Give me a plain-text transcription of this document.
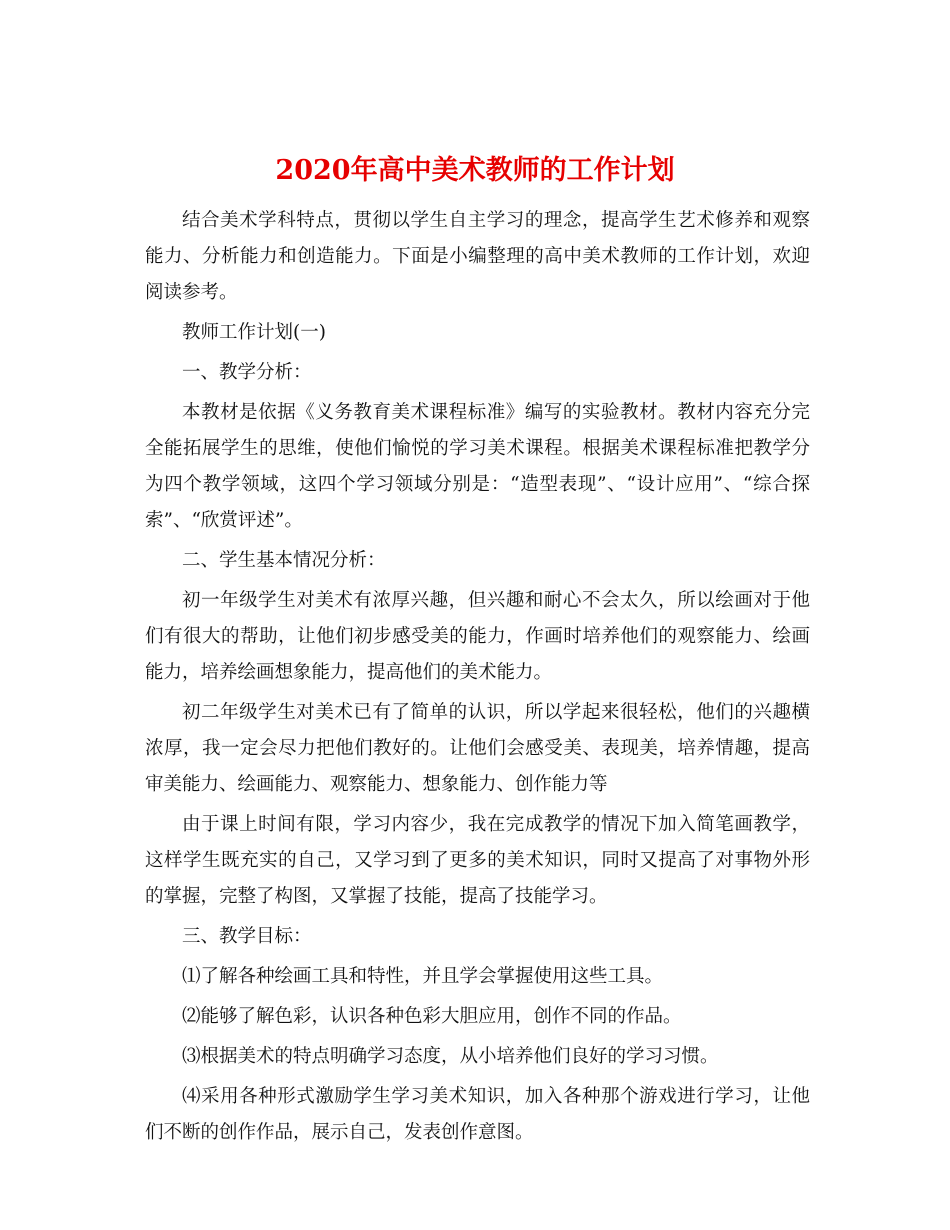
2020年高中美术教师的工作计划

结合美术学科特点，贯彻以学生自主学习的理念，提高学生艺术修养和观察能力、分析能力和创造能力。下面是小编整理的高中美术教师的工作计划，欢迎阅读参考。

教师工作计划(一)

一、教学分析：

本教材是依据《义务教育美术课程标准》编写的实验教材。教材内容充分完全能拓展学生的思维，使他们愉悦的学习美术课程。根据美术课程标准把教学分为四个教学领域，这四个学习领域分别是：“造型表现”、“设计应用”、“综合探索”、“欣赏评述”。

二、学生基本情况分析：

初一年级学生对美术有浓厚兴趣，但兴趣和耐心不会太久，所以绘画对于他们有很大的帮助，让他们初步感受美的能力，作画时培养他们的观察能力、绘画能力，培养绘画想象能力，提高他们的美术能力。

初二年级学生对美术已有了简单的认识，所以学起来很轻松，他们的兴趣横浓厚，我一定会尽力把他们教好的。让他们会感受美、表现美，培养情趣，提高审美能力、绘画能力、观察能力、想象能力、创作能力等

由于课上时间有限，学习内容少，我在完成教学的情况下加入简笔画教学，这样学生既充实的自己，又学习到了更多的美术知识，同时又提高了对事物外形的掌握，完整了构图，又掌握了技能，提高了技能学习。

三、教学目标：

⑴了解各种绘画工具和特性，并且学会掌握使用这些工具。

⑵能够了解色彩，认识各种色彩大胆应用，创作不同的作品。

⑶根据美术的特点明确学习态度，从小培养他们良好的学习习惯。

⑷采用各种形式激励学生学习美术知识，加入各种那个游戏进行学习，让他们不断的创作作品，展示自己，发表创作意图。
